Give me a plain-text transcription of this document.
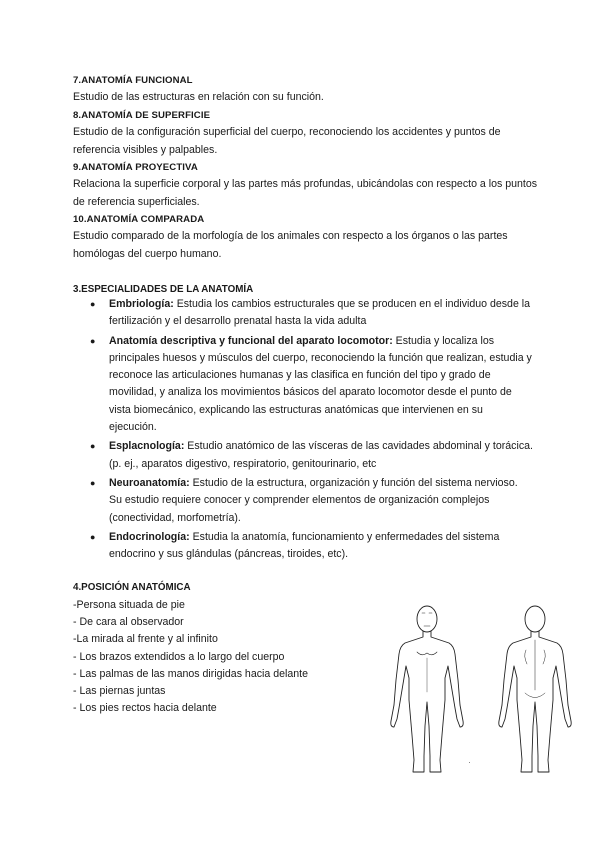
7.ANATOMÍA FUNCIONAL
Estudio de las estructuras en relación con su función.
8.ANATOMÍA DE SUPERFICIE
Estudio de la configuración superficial del cuerpo, reconociendo los accidentes y puntos de referencia visibles y palpables.
9.ANATOMÍA PROYECTIVA
Relaciona la superficie corporal y las partes más profundas, ubicándolas con respecto a los puntos de referencia superficiales.
10.ANATOMÍA COMPARADA
Estudio comparado de la morfología de los animales con respecto a los órganos o las partes homólogas del cuerpo humano.
3.ESPECIALIDADES DE LA ANATOMÍA
● Embriología: Estudia los cambios estructurales que se producen en el individuo desde la fertilización y el desarrollo prenatal hasta la vida adulta
● Anatomía descriptiva y funcional del aparato locomotor: Estudia y localiza los principales huesos y músculos del cuerpo, reconociendo la función que realizan, estudia y reconoce las articulaciones humanas y las clasifica en función del tipo y grado de movilidad, y analiza los movimientos básicos del aparato locomotor desde el punto de vista biomecánico, explicando las estructuras anatómicas que intervienen en su ejecución.
● Esplacnología: Estudio anatómico de las vísceras de las cavidades abdominal y torácica. (p. ej., aparatos digestivo, respiratorio, genitourinario, etc
● Neuroanatomía: Estudio de la estructura, organización y función del sistema nervioso. Su estudio requiere conocer y comprender elementos de organización complejos (conectividad, morfometría).
● Endocrinología: Estudia la anatomía, funcionamiento y enfermedades del sistema endocrino y sus glándulas (páncreas, tiroides, etc).
4.POSICIÓN ANATÓMICA
-Persona situada de pie
- De cara al observador
-La mirada al frente y al infinito
- Los brazos extendidos a lo largo del cuerpo
- Las palmas de las manos dirigidas hacia delante
- Las piernas juntas
- Los pies rectos hacia delante
